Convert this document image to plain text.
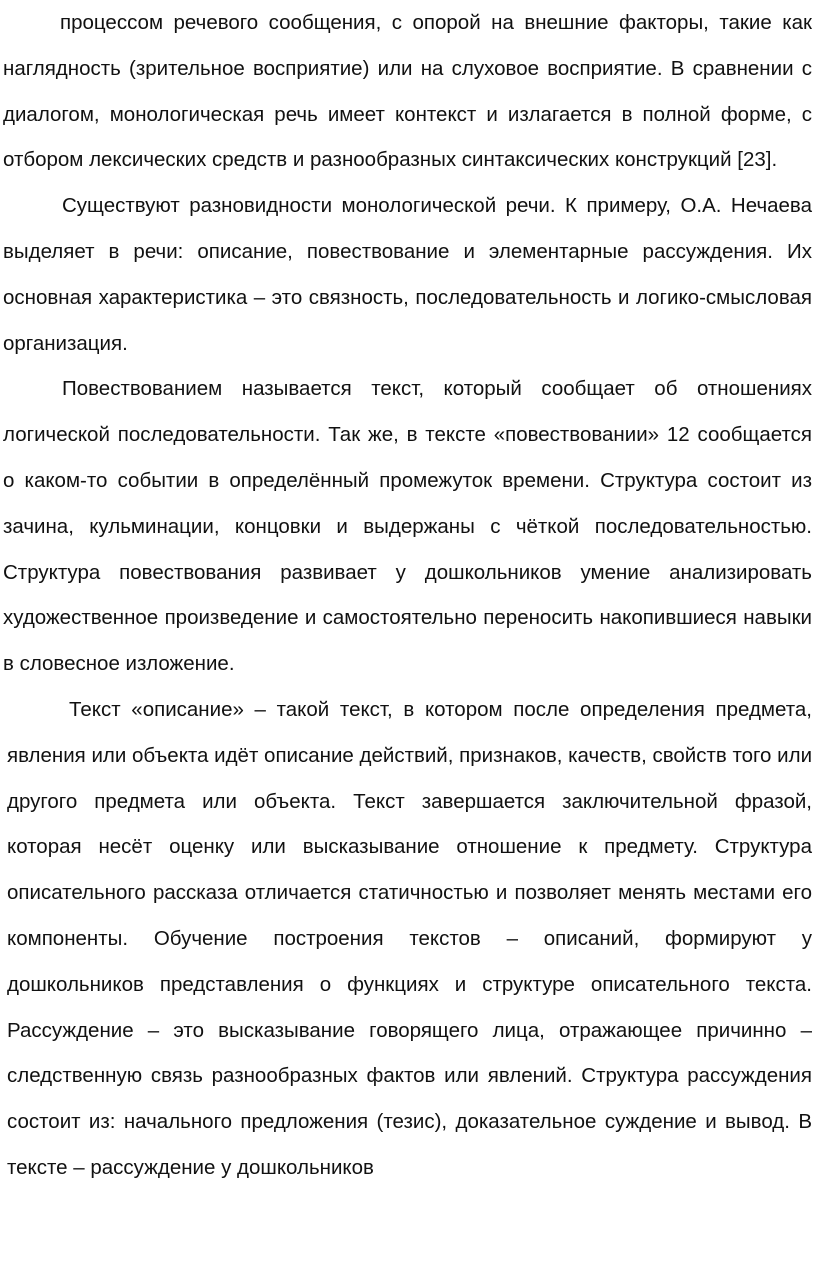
процессом речевого сообщения, с опорой на внешние факторы, такие как наглядность (зрительное восприятие) или на слуховое восприятие. В сравнении с диалогом, монологическая речь имеет контекст и излагается в полной форме, с отбором лексических средств и разнообразных синтаксических конструкций [23].

Существуют разновидности монологической речи. К примеру, О.А. Нечаева выделяет в речи: описание, повествование и элементарные рассуждения. Их основная характеристика – это связность, последовательность и логико-смысловая организация.

Повествованием называется текст, который сообщает об отношениях логической последовательности. Так же, в тексте «повествовании» 12 сообщается о каком-то событии в определённый промежуток времени. Структура состоит из зачина, кульминации, концовки и выдержаны с чёткой последовательностью. Структура повествования развивает у дошкольников умение анализировать художественное произведение и самостоятельно переносить накопившиеся навыки в словесное изложение.

Текст «описание» – такой текст, в котором после определения предмета, явления или объекта идёт описание действий, признаков, качеств, свойств того или другого предмета или объекта. Текст завершается заключительной фразой, которая несёт оценку или высказывание отношение к предмету. Структура описательного рассказа отличается статичностью и позволяет менять местами его компоненты. Обучение построения текстов – описаний, формируют у дошкольников представления о функциях и структуре описательного текста. Рассуждение – это высказывание говорящего лица, отражающее причинно – следственную связь разнообразных фактов или явлений. Структура рассуждения состоит из: начального предложения (тезис), доказательное суждение и вывод. В тексте – рассуждение у дошкольников
